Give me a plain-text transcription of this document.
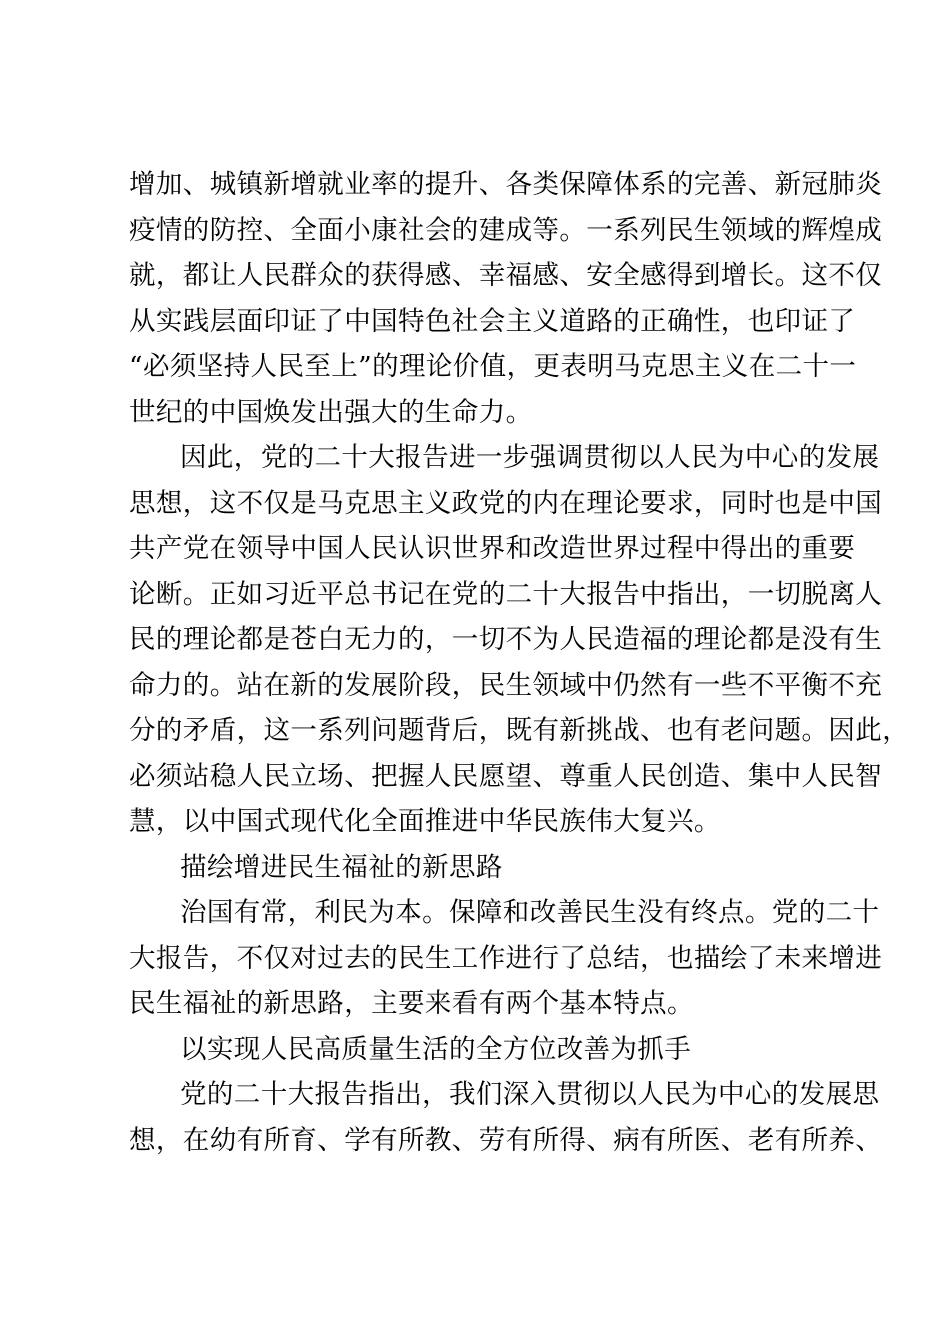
增加、城镇新增就业率的提升、各类保障体系的完善、新冠肺炎
疫情的防控、全面小康社会的建成等。一系列民生领域的辉煌成
就，都让人民群众的获得感、幸福感、安全感得到增长。这不仅
从实践层面印证了中国特色社会主义道路的正确性，也印证了
“必须坚持人民至上”的理论价值，更表明马克思主义在二十一
世纪的中国焕发出强大的生命力。
因此，党的二十大报告进一步强调贯彻以人民为中心的发展
思想，这不仅是马克思主义政党的内在理论要求，同时也是中国
共产党在领导中国人民认识世界和改造世界过程中得出的重要
论断。正如习近平总书记在党的二十大报告中指出，一切脱离人
民的理论都是苍白无力的，一切不为人民造福的理论都是没有生
命力的。站在新的发展阶段，民生领域中仍然有一些不平衡不充
分的矛盾，这一系列问题背后，既有新挑战、也有老问题。因此，
必须站稳人民立场、把握人民愿望、尊重人民创造、集中人民智
慧，以中国式现代化全面推进中华民族伟大复兴。
描绘增进民生福祉的新思路
治国有常，利民为本。保障和改善民生没有终点。党的二十
大报告，不仅对过去的民生工作进行了总结，也描绘了未来增进
民生福祉的新思路，主要来看有两个基本特点。
以实现人民高质量生活的全方位改善为抓手
党的二十大报告指出，我们深入贯彻以人民为中心的发展思
想，在幼有所育、学有所教、劳有所得、病有所医、老有所养、
